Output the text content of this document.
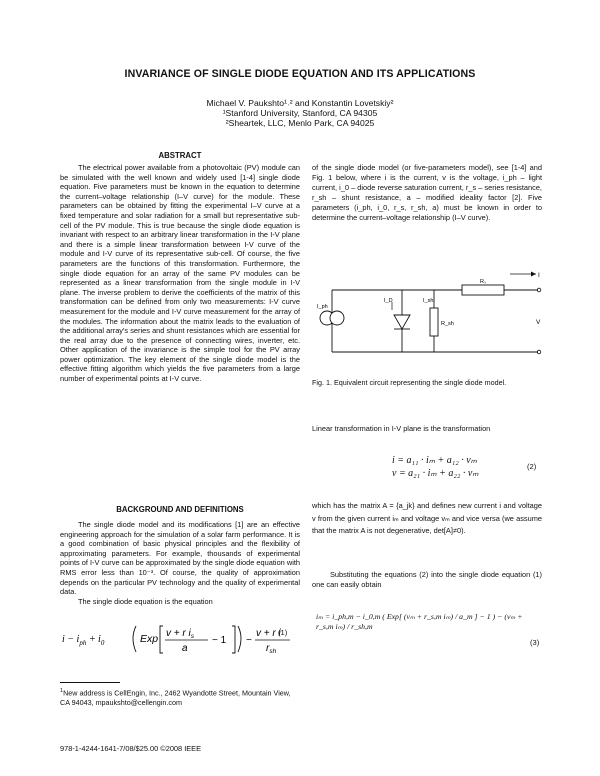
INVARIANCE OF SINGLE DIODE EQUATION AND ITS APPLICATIONS
Michael V. Paukshto¹˒² and Konstantin Lovetskiy²
¹Stanford University, Stanford, CA 94305
²Sheartek, LLC, Menlo Park, CA 94025
ABSTRACT

The electrical power available from a photovoltaic (PV) module can be simulated with the well known and widely used [1-4] single diode equation. Five parameters must be known in the equation to determine the current–voltage relationship (I–V curve) for the module. These parameters can be obtained by fitting the experimental I–V curve at a fixed temperature and solar radiation for a small but representative sub-cell of the PV module. This is true because the single diode equation is invariant with respect to an arbitrary linear transformation in the I-V plane and there is a simple linear transformation between I-V curve of the module and I-V curve of its representative sub-cell. Of course, the five parameters are the functions of this transformation. Furthermore, the single diode equation for an array of the same PV modules can be represented as a linear transformation from the single module in I-V plane. The inverse problem to derive the coefficients of the matrix of this transformation can be defined from only two measurements: I-V curve measurement for the module and I-V curve measurement for the array of the modules. The information about the matrix leads to the evaluation of the additional array's series and shunt resistances which are essential for the real array due to the presence of connecting wires, inverter, etc. Other application of the invariance is the simple tool for the PV array power optimization. The key element of the single diode model is the effective fitting algorithm which yields the five parameters from a large number of experimental points at I-V curve.

BACKGROUND AND DEFINITIONS

The single diode model and its modifications [1] are an effective engineering approach for the simulation of a solar farm performance. It is a good combination of basic physical principles and the flexibility of approximating parameters. For example, thousands of experimental points of I-V curve can be approximated by the single diode equation with RMS error less than 10⁻³. Of course, the quality of approximation depends on the particular PV technology and the quality of experimental data.

The single diode equation is the equation

$i - i_{ph} + i_0$	Exp v + r $i_s$
a
− 1 −
v + r i
$r_{sh}$
(1)
$^1$New address is CellEngin, Inc., 2462 Wyandotte Street, Mountain View, CA 94043, mpaukshto@cellengin.com
978-1-4244-1641-7/08/$25.00 ©2008 IEEE
of the single diode model (or five-parameters model), see [1-4] and Fig. 1 below, where i is the current, v is the voltage, i_ph – light current, i_0 – diode reverse saturation current, r_s – series resistance, r_sh – shunt resistance, a – modified ideality factor [2]. Five parameters (i_ph, i_0, r_s, r_sh, a) must be known in order to determine the current–voltage relationship (I–V curve).
I
Rₛ
I_ph
I_D
R_sh
I_sh
V
Fig. 1. Equivalent circuit representing the single diode model.
Linear transformation in I-V plane is the transformation
i = a₁₁ · iₘ + a₁₂ · vₘ
v = a₂₁ · iₘ + a₂₂ · vₘ
(2)
which has the matrix A = {a_jk} and defines new current i and voltage v from the given current iₘ and voltage vₘ and vice versa (we assume that the matrix A is not degenerative, det[A]≠0).

Substituting the equations (2) into the single diode equation (1) one can easily obtain

iₘ = i_ph,m − i_0,m ( Exp[ (vₘ + r_s,m iₘ) / a_m ] − 1 ) − (vₘ + r_s,m iₘ) / r_sh,m
(3)
